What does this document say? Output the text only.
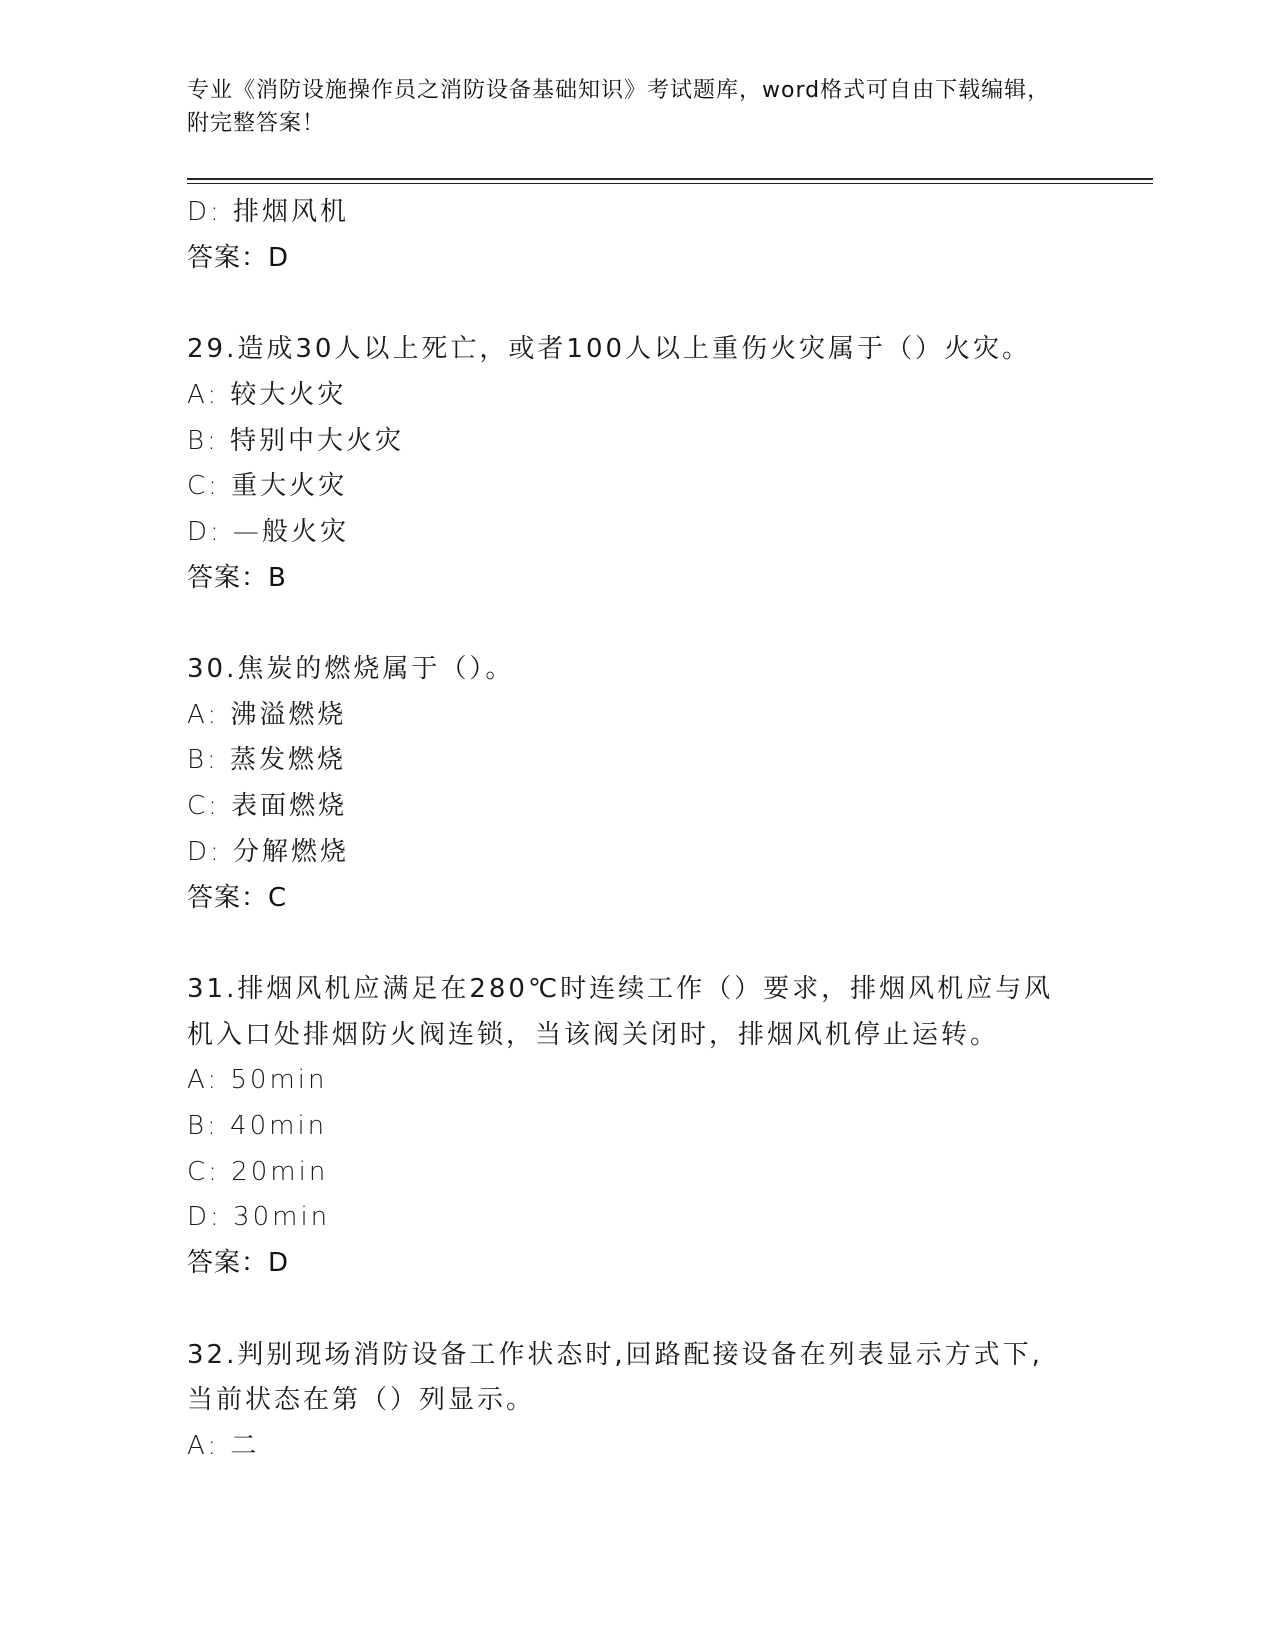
专业《消防设施操作员之消防设备基础知识》考试题库，word格式可自由下载编辑，附完整答案！
D: 排烟风机
答案：D
29.造成30人以上死亡，或者100人以上重伤火灾属于（）火灾。
A: 较大火灾
B: 特别中大火灾
C: 重大火灾
D: —般火灾
答案：B
30.焦炭的燃烧属于（）。
A: 沸溢燃烧
B: 蒸发燃烧
C: 表面燃烧
D: 分解燃烧
答案：C
31.排烟风机应满足在280℃时连续工作（）要求，排烟风机应与风机入口处排烟防火阀连锁，当该阀关闭时，排烟风机停止运转。
A: 50min
B: 40min
C: 20min
D: 30min
答案：D
32.判别现场消防设备工作状态时,回路配接设备在列表显示方式下,当前状态在第（）列显示。
A: 二
